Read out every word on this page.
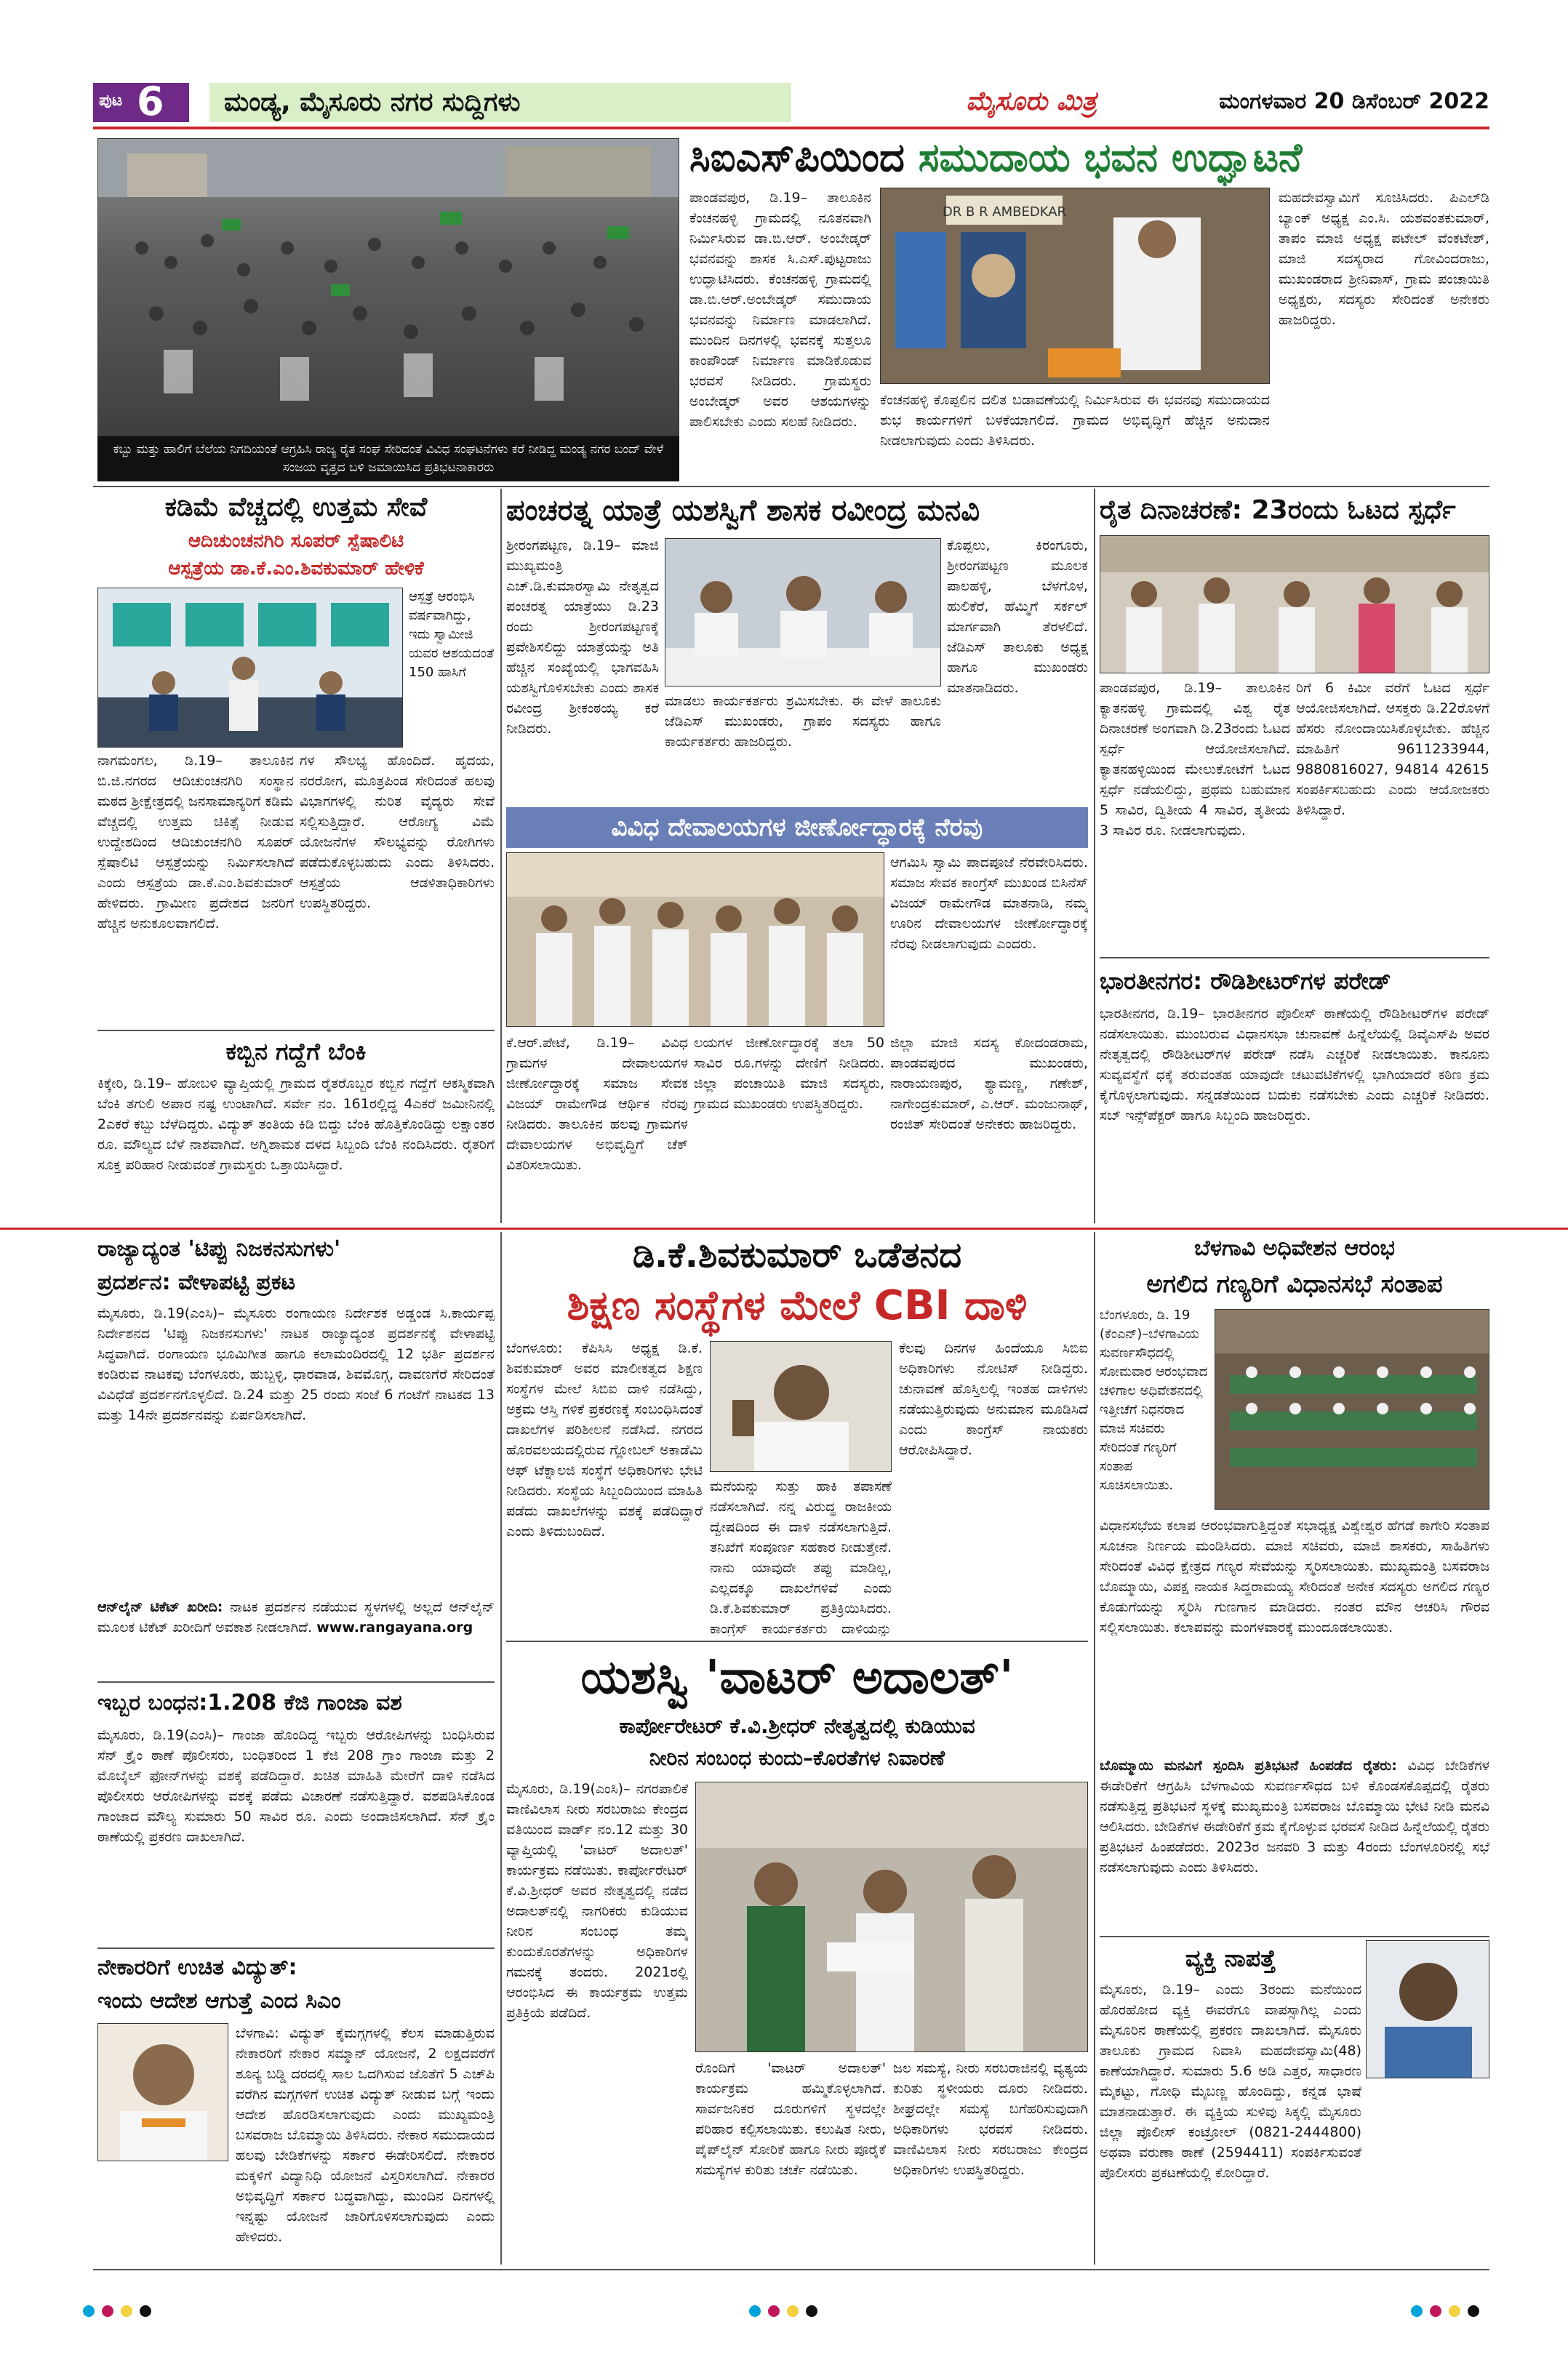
ಪುಟ 6	ಮಂಡ್ಯ, ಮೈಸೂರು ನಗರ ಸುದ್ದಿಗಳು	ಮೈಸೂರು ಮಿತ್ರ	ಮಂಗಳವಾರ 20 ಡಿಸೆಂಬರ್ 2022
ಕಬ್ಬು ಮತ್ತು ಹಾಲಿಗೆ ಬೆಲೆಯ ನಿಗದಿಯಂತೆ ಆಗ್ರಹಿಸಿ ರಾಜ್ಯ ರೈತ ಸಂಘ ಸೇರಿದಂತೆ ವಿವಿಧ ಸಂಘಟನೆಗಳು ಕರೆ ನೀಡಿದ್ದ ಮಂಡ್ಯ ನಗರ ಬಂದ್ ವೇಳೆ ಸಂಜಯ ವೃತ್ತದ ಬಳಿ ಜಮಾಯಿಸಿದ ಪ್ರತಿಭಟನಾಕಾರರು
ಸಿಐಎಸ್‌ಪಿಯಿಂದ ಸಮುದಾಯ ಭವನ ಉದ್ಘಾಟನೆ
ಪಾಂಡವಪುರ, ಡಿ.19– ತಾಲೂಕಿನ ಕೆಂಚನಹಳ್ಳಿ ಗ್ರಾಮದಲ್ಲಿ ನೂತನವಾಗಿ ನಿರ್ಮಿಸಿರುವ ಡಾ.ಬಿ.ಆರ್. ಅಂಬೇಡ್ಕರ್ ಭವನವನ್ನು ಶಾಸಕ ಸಿ.ಎಸ್.ಪುಟ್ಟರಾಜು ಉದ್ಘಾಟಿಸಿದರು. ಕೆಂಚನಹಳ್ಳಿ ಗ್ರಾಮದಲ್ಲಿ ಡಾ.ಬಿ.ಆರ್.ಅಂಬೇಡ್ಕರ್ ಸಮುದಾಯ ಭವನವನ್ನು ನಿರ್ಮಾಣ ಮಾಡಲಾಗಿದೆ. ಮುಂದಿನ ದಿನಗಳಲ್ಲಿ ಭವನಕ್ಕೆ ಸುತ್ತಲೂ ಕಾಂಪೌಂಡ್ ನಿರ್ಮಾಣ ಮಾಡಿಕೊಡುವ ಭರವಸೆ ನೀಡಿದರು. ಗ್ರಾಮಸ್ಥರು ಅಂಬೇಡ್ಕರ್ ಅವರ ಆಶಯಗಳನ್ನು ಪಾಲಿಸಬೇಕು ಎಂದು ಸಲಹೆ ನೀಡಿದರು.
DR B R AMBEDKAR
ಕೆಂಚನಹಳ್ಳಿ ಕೊಪ್ಪಲಿನ ದಲಿತ ಬಡಾವಣೆಯಲ್ಲಿ ನಿರ್ಮಿಸಿರುವ ಈ ಭವನವು ಸಮುದಾಯದ ಶುಭ ಕಾರ್ಯಗಳಿಗೆ ಬಳಕೆಯಾಗಲಿದೆ. ಗ್ರಾಮದ ಅಭಿವೃದ್ಧಿಗೆ ಹೆಚ್ಚಿನ ಅನುದಾನ ನೀಡಲಾಗುವುದು ಎಂದು ತಿಳಿಸಿದರು.
ಮಹದೇವಸ್ವಾಮಿಗೆ ಸೂಚಿಸಿದರು. ಪಿಎಲ್‌ಡಿ ಬ್ಯಾಂಕ್ ಅಧ್ಯಕ್ಷ ಎಂ.ಸಿ. ಯಶವಂತಕುಮಾರ್, ತಾಪಂ ಮಾಜಿ ಅಧ್ಯಕ್ಷ ಪಟೇಲ್ ವೆಂಕಟೇಶ್, ಮಾಜಿ ಸದಸ್ಯರಾದ ಗೋವಿಂದರಾಜು, ಮುಖಂಡರಾದ ಶ್ರೀನಿವಾಸ್, ಗ್ರಾಮ ಪಂಚಾಯಿತಿ ಅಧ್ಯಕ್ಷರು, ಸದಸ್ಯರು ಸೇರಿದಂತೆ ಅನೇಕರು ಹಾಜರಿದ್ದರು.
ಕಡಿಮೆ ವೆಚ್ಚದಲ್ಲಿ ಉತ್ತಮ ಸೇವೆ
ಆದಿಚುಂಚನಗಿರಿ ಸೂಪರ್ ಸ್ಪೆಷಾಲಿಟಿ
ಆಸ್ಪತ್ರೆಯ ಡಾ.ಕೆ.ಎಂ.ಶಿವಕುಮಾರ್ ಹೇಳಿಕೆ
ಆಸ್ಪತ್ರೆ ಆರಂಭಿಸಿ ವರ್ಷವಾಗಿದ್ದು, ಇದು ಸ್ವಾಮೀಜಿ ಯವರ ಆಶಯದಂತೆ 150 ಹಾಸಿಗೆ
ನಾಗಮಂಗಲ, ಡಿ.19– ತಾಲೂಕಿನ ಬಿ.ಜಿ.ನಗರದ ಆದಿಚುಂಚನಗಿರಿ ಸಂಸ್ಥಾನ ಮಠದ ಶ್ರೀಕ್ಷೇತ್ರದಲ್ಲಿ ಜನಸಾಮಾನ್ಯರಿಗೆ ಕಡಿಮೆ ವೆಚ್ಚದಲ್ಲಿ ಉತ್ತಮ ಚಿಕಿತ್ಸೆ ನೀಡುವ ಉದ್ದೇಶದಿಂದ ಆದಿಚುಂಚನಗಿರಿ ಸೂಪರ್ ಸ್ಪೆಷಾಲಿಟಿ ಆಸ್ಪತ್ರೆಯನ್ನು ನಿರ್ಮಿಸಲಾಗಿದೆ ಎಂದು ಆಸ್ಪತ್ರೆಯ ಡಾ.ಕೆ.ಎಂ.ಶಿವಕುಮಾರ್ ಹೇಳಿದರು. ಗ್ರಾಮೀಣ ಪ್ರದೇಶದ ಜನರಿಗೆ ಹೆಚ್ಚಿನ ಅನುಕೂಲವಾಗಲಿದೆ.
ಗಳ ಸೌಲಭ್ಯ ಹೊಂದಿದೆ. ಹೃದಯ, ನರರೋಗ, ಮೂತ್ರಪಿಂಡ ಸೇರಿದಂತೆ ಹಲವು ವಿಭಾಗಗಳಲ್ಲಿ ನುರಿತ ವೈದ್ಯರು ಸೇವೆ ಸಲ್ಲಿಸುತ್ತಿದ್ದಾರೆ. ಆರೋಗ್ಯ ವಿಮೆ ಯೋಜನೆಗಳ ಸೌಲಭ್ಯವನ್ನು ರೋಗಿಗಳು ಪಡೆದುಕೊಳ್ಳಬಹುದು ಎಂದು ತಿಳಿಸಿದರು. ಆಸ್ಪತ್ರೆಯ ಆಡಳಿತಾಧಿಕಾರಿಗಳು ಉಪಸ್ಥಿತರಿದ್ದರು.
ಪಂಚರತ್ನ ಯಾತ್ರೆ ಯಶಸ್ವಿಗೆ ಶಾಸಕ ರವೀಂದ್ರ ಮನವಿ
ಶ್ರೀರಂಗಪಟ್ಟಣ, ಡಿ.19– ಮಾಜಿ ಮುಖ್ಯಮಂತ್ರಿ ಎಚ್.ಡಿ.ಕುಮಾರಸ್ವಾಮಿ ನೇತೃತ್ವದ ಪಂಚರತ್ನ ಯಾತ್ರೆಯು ಡಿ.23 ರಂದು ಶ್ರೀರಂಗಪಟ್ಟಣಕ್ಕೆ ಪ್ರವೇಶಿಸಲಿದ್ದು ಯಾತ್ರೆಯನ್ನು ಅತಿ ಹೆಚ್ಚಿನ ಸಂಖ್ಯೆಯಲ್ಲಿ ಭಾಗವಹಿಸಿ ಯಶಸ್ವಿಗೊಳಿಸಬೇಕು ಎಂದು ಶಾಸಕ ರವೀಂದ್ರ ಶ್ರೀಕಂಠಯ್ಯ ಕರೆ ನೀಡಿದರು.
ಕೊಪ್ಪಲು, ಕಿರಂಗೂರು, ಶ್ರೀರಂಗಪಟ್ಟಣ ಮೂಲಕ ಪಾಲಹಳ್ಳಿ, ಬೆಳಗೊಳ, ಹುಲಿಕೆರೆ, ಹೆಮ್ಮಿಗೆ ಸರ್ಕಲ್ ಮಾರ್ಗವಾಗಿ ತೆರಳಲಿದೆ. ಜೆಡಿಎಸ್ ತಾಲೂಕು ಅಧ್ಯಕ್ಷ ಹಾಗೂ ಮುಖಂಡರು ಮಾತನಾಡಿದರು.
ಮಾಡಲು ಕಾರ್ಯಕರ್ತರು ಶ್ರಮಿಸಬೇಕು. ಈ ವೇಳೆ ತಾಲೂಕು ಜೆಡಿಎಸ್ ಮುಖಂಡರು, ಗ್ರಾಪಂ ಸದಸ್ಯರು ಹಾಗೂ ಕಾರ್ಯಕರ್ತರು ಹಾಜರಿದ್ದರು.
ವಿವಿಧ ದೇವಾಲಯಗಳ ಜೀರ್ಣೋದ್ಧಾರಕ್ಕೆ ನೆರವು
ಆಗಮಿಸಿ ಸ್ವಾಮಿ ಪಾದಪೂಜೆ ನೆರವೇರಿಸಿದರು. ಸಮಾಜ ಸೇವಕ ಕಾಂಗ್ರೆಸ್ ಮುಖಂಡ ಬಿಸಿನೆಸ್ ವಿಜಯ್ ರಾಮೇಗೌಡ ಮಾತನಾಡಿ, ನಮ್ಮ ಊರಿನ ದೇವಾಲಯಗಳ ಜೀರ್ಣೋದ್ಧಾರಕ್ಕೆ ನೆರವು ನೀಡಲಾಗುವುದು ಎಂದರು.
ಕೆ.ಆರ್.ಪೇಟೆ, ಡಿ.19– ವಿವಿಧ ಗ್ರಾಮಗಳ ದೇವಾಲಯಗಳ ಜೀರ್ಣೋದ್ಧಾರಕ್ಕೆ ಸಮಾಜ ಸೇವಕ ವಿಜಯ್ ರಾಮೇಗೌಡ ಆರ್ಥಿಕ ನೆರವು ನೀಡಿದರು. ತಾಲೂಕಿನ ಹಲವು ಗ್ರಾಮಗಳ ದೇವಾಲಯಗಳ ಅಭಿವೃದ್ಧಿಗೆ ಚೆಕ್ ವಿತರಿಸಲಾಯಿತು.
ಲಯಗಳ ಜೀರ್ಣೋದ್ಧಾರಕ್ಕೆ ತಲಾ 50 ಸಾವಿರ ರೂ.ಗಳನ್ನು ದೇಣಿಗೆ ನೀಡಿದರು. ಜಿಲ್ಲಾ ಪಂಚಾಯಿತಿ ಮಾಜಿ ಸದಸ್ಯರು, ಗ್ರಾಮದ ಮುಖಂಡರು ಉಪಸ್ಥಿತರಿದ್ದರು.
ಜಿಲ್ಲಾ ಮಾಜಿ ಸದಸ್ಯ ಕೋದಂಡರಾಮ, ಪಾಂಡವಪುರದ ಮುಖಂಡರು, ನಾರಾಯಣಪುರ, ಶ್ಯಾಮಣ್ಣ, ಗಣೇಶ್, ನಾಗೇಂದ್ರಕುಮಾರ್, ಎ.ಆರ್. ಮಂಜುನಾಥ್, ರಂಜಿತ್ ಸೇರಿದಂತೆ ಅನೇಕರು ಹಾಜರಿದ್ದರು.
ರೈತ ದಿನಾಚರಣೆ: 23ರಂದು ಓಟದ ಸ್ಪರ್ಧೆ
ಪಾಂಡವಪುರ, ಡಿ.19– ತಾಲೂಕಿನ ಕ್ಯಾತನಹಳ್ಳಿ ಗ್ರಾಮದಲ್ಲಿ ವಿಶ್ವ ರೈತ ದಿನಾಚರಣೆ ಅಂಗವಾಗಿ ಡಿ.23ರಂದು ಓಟದ ಸ್ಪರ್ಧೆ ಆಯೋಜಿಸಲಾಗಿದೆ. ಕ್ಯಾತನಹಳ್ಳಿಯಿಂದ ಮೇಲುಕೋಟೆಗೆ ಓಟದ ಸ್ಪರ್ಧೆ ನಡೆಯಲಿದ್ದು, ಪ್ರಥಮ ಬಹುಮಾನ 5 ಸಾವಿರ, ದ್ವಿತೀಯ 4 ಸಾವಿರ, ತೃತೀಯ 3 ಸಾವಿರ ರೂ. ನೀಡಲಾಗುವುದು.
ರಿಗೆ 6 ಕಿಮೀ ವರೆಗೆ ಓಟದ ಸ್ಪರ್ಧೆ ಆಯೋಜಿಸಲಾಗಿದೆ. ಆಸಕ್ತರು ಡಿ.22ರೊಳಗೆ ಹೆಸರು ನೋಂದಾಯಿಸಿಕೊಳ್ಳಬೇಕು. ಹೆಚ್ಚಿನ ಮಾಹಿತಿಗೆ 9611233944, 9880816027, 94814 42615 ಸಂಪರ್ಕಿಸಬಹುದು ಎಂದು ಆಯೋಜಕರು ತಿಳಿಸಿದ್ದಾರೆ.
ಭಾರತೀನಗರ: ರೌಡಿಶೀಟರ್‌ಗಳ ಪರೇಡ್
ಭಾರತೀನಗರ, ಡಿ.19– ಭಾರತೀನಗರ ಪೊಲೀಸ್ ಠಾಣೆಯಲ್ಲಿ ರೌಡಿಶೀಟರ್‌ಗಳ ಪರೇಡ್ ನಡೆಸಲಾಯಿತು. ಮುಂಬರುವ ವಿಧಾನಸಭಾ ಚುನಾವಣೆ ಹಿನ್ನೆಲೆಯಲ್ಲಿ ಡಿವೈಎಸ್‌ಪಿ ಅವರ ನೇತೃತ್ವದಲ್ಲಿ ರೌಡಿಶೀಟರ್‌ಗಳ ಪರೇಡ್ ನಡೆಸಿ ಎಚ್ಚರಿಕೆ ನೀಡಲಾಯಿತು. ಕಾನೂನು ಸುವ್ಯವಸ್ಥೆಗೆ ಧಕ್ಕೆ ತರುವಂತಹ ಯಾವುದೇ ಚಟುವಟಿಕೆಗಳಲ್ಲಿ ಭಾಗಿಯಾದರೆ ಕಠಿಣ ಕ್ರಮ ಕೈಗೊಳ್ಳಲಾಗುವುದು. ಸನ್ನಡತೆಯಿಂದ ಬದುಕು ನಡೆಸಬೇಕು ಎಂದು ಎಚ್ಚರಿಕೆ ನೀಡಿದರು. ಸಬ್ ಇನ್ಸ್‌ಪೆಕ್ಟರ್ ಹಾಗೂ ಸಿಬ್ಬಂದಿ ಹಾಜರಿದ್ದರು.
ಕಬ್ಬಿನ ಗದ್ದೆಗೆ ಬೆಂಕಿ
ಕಿಕ್ಕೇರಿ, ಡಿ.19– ಹೋಬಳಿ ವ್ಯಾಪ್ತಿಯಲ್ಲಿ ಗ್ರಾಮದ ರೈತರೊಬ್ಬರ ಕಬ್ಬಿನ ಗದ್ದೆಗೆ ಆಕಸ್ಮಿಕವಾಗಿ ಬೆಂಕಿ ತಗುಲಿ ಅಪಾರ ನಷ್ಟ ಉಂಟಾಗಿದೆ. ಸರ್ವೇ ನಂ. 161ರಲ್ಲಿದ್ದ 4ಎಕರೆ ಜಮೀನಿನಲ್ಲಿ 2ಎಕರೆ ಕಬ್ಬು ಬೆಳೆದಿದ್ದರು. ವಿದ್ಯುತ್ ತಂತಿಯ ಕಿಡಿ ಬಿದ್ದು ಬೆಂಕಿ ಹೊತ್ತಿಕೊಂಡಿದ್ದು ಲಕ್ಷಾಂತರ ರೂ. ಮೌಲ್ಯದ ಬೆಳೆ ನಾಶವಾಗಿದೆ. ಅಗ್ನಿಶಾಮಕ ದಳದ ಸಿಬ್ಬಂದಿ ಬೆಂಕಿ ನಂದಿಸಿದರು. ರೈತರಿಗೆ ಸೂಕ್ತ ಪರಿಹಾರ ನೀಡುವಂತೆ ಗ್ರಾಮಸ್ಥರು ಒತ್ತಾಯಿಸಿದ್ದಾರೆ.
ರಾಜ್ಯಾದ್ಯಂತ 'ಟಿಪ್ಪು ನಿಜಕನಸುಗಳು'
ಪ್ರದರ್ಶನ: ವೇಳಾಪಟ್ಟಿ ಪ್ರಕಟ
ಮೈಸೂರು, ಡಿ.19(ಎಂಸಿ)– ಮೈಸೂರು ರಂಗಾಯಣ ನಿರ್ದೇಶಕ ಅಡ್ಡಂಡ ಸಿ.ಕಾರ್ಯಪ್ಪ ನಿರ್ದೇಶನದ 'ಟಿಪ್ಪು ನಿಜಕನಸುಗಳು' ನಾಟಕ ರಾಜ್ಯಾದ್ಯಂತ ಪ್ರದರ್ಶನಕ್ಕೆ ವೇಳಾಪಟ್ಟಿ ಸಿದ್ಧವಾಗಿದೆ. ರಂಗಾಯಣ ಭೂಮಿಗೀತ ಹಾಗೂ ಕಲಾಮಂದಿರದಲ್ಲಿ 12 ಭರ್ತಿ ಪ್ರದರ್ಶನ ಕಂಡಿರುವ ನಾಟಕವು ಬೆಂಗಳೂರು, ಹುಬ್ಬಳ್ಳಿ, ಧಾರವಾಡ, ಶಿವಮೊಗ್ಗ, ದಾವಣಗೆರೆ ಸೇರಿದಂತೆ ವಿವಿಧೆಡೆ ಪ್ರದರ್ಶನಗೊಳ್ಳಲಿದೆ. ಡಿ.24 ಮತ್ತು 25 ರಂದು ಸಂಜೆ 6 ಗಂಟೆಗೆ ನಾಟಕದ 13 ಮತ್ತು 14ನೇ ಪ್ರದರ್ಶನವನ್ನು ಏರ್ಪಡಿಸಲಾಗಿದೆ.
ಆನ್‌ಲೈನ್ ಟಿಕೆಟ್ ಖರೀದಿ: ನಾಟಕ ಪ್ರದರ್ಶನ ನಡೆಯುವ ಸ್ಥಳಗಳಲ್ಲಿ ಅಲ್ಲದೆ ಆನ್‌ಲೈನ್ ಮೂಲಕ ಟಿಕೆಟ್ ಖರೀದಿಗೆ ಅವಕಾಶ ನೀಡಲಾಗಿದೆ. www.rangayana.org
ಇಬ್ಬರ ಬಂಧನ:1.208 ಕೆಜಿ ಗಾಂಜಾ ವಶ
ಮೈಸೂರು, ಡಿ.19(ಎಂಸಿ)– ಗಾಂಜಾ ಹೊಂದಿದ್ದ ಇಬ್ಬರು ಆರೋಪಿಗಳನ್ನು ಬಂಧಿಸಿರುವ ಸೆನ್ ಕ್ರೈಂ ಠಾಣೆ ಪೊಲೀಸರು, ಬಂಧಿತರಿಂದ 1 ಕೆಜಿ 208 ಗ್ರಾಂ ಗಾಂಜಾ ಮತ್ತು 2 ಮೊಬೈಲ್ ಫೋನ್‌ಗಳನ್ನು ವಶಕ್ಕೆ ಪಡೆದಿದ್ದಾರೆ. ಖಚಿತ ಮಾಹಿತಿ ಮೇರೆಗೆ ದಾಳಿ ನಡೆಸಿದ ಪೊಲೀಸರು ಆರೋಪಿಗಳನ್ನು ವಶಕ್ಕೆ ಪಡೆದು ವಿಚಾರಣೆ ನಡೆಸುತ್ತಿದ್ದಾರೆ. ವಶಪಡಿಸಿಕೊಂಡ ಗಾಂಜಾದ ಮೌಲ್ಯ ಸುಮಾರು 50 ಸಾವಿರ ರೂ. ಎಂದು ಅಂದಾಜಿಸಲಾಗಿದೆ. ಸೆನ್ ಕ್ರೈಂ ಠಾಣೆಯಲ್ಲಿ ಪ್ರಕರಣ ದಾಖಲಾಗಿದೆ.
ನೇಕಾರರಿಗೆ ಉಚಿತ ವಿದ್ಯುತ್:
ಇಂದು ಆದೇಶ ಆಗುತ್ತೆ ಎಂದ ಸಿಎಂ
ಬೆಳಗಾವಿ: ವಿದ್ಯುತ್ ಕೈಮಗ್ಗಗಳಲ್ಲಿ ಕೆಲಸ ಮಾಡುತ್ತಿರುವ ನೇಕಾರರಿಗೆ ನೇಕಾರ ಸಮ್ಮಾನ್ ಯೋಜನೆ, 2 ಲಕ್ಷದವರೆಗೆ ಶೂನ್ಯ ಬಡ್ಡಿ ದರದಲ್ಲಿ ಸಾಲ ಒದಗಿಸುವ ಜೊತೆಗೆ 5 ಎಚ್‌ಪಿ ವರೆಗಿನ ಮಗ್ಗಗಳಿಗೆ ಉಚಿತ ವಿದ್ಯುತ್ ನೀಡುವ ಬಗ್ಗೆ ಇಂದು ಆದೇಶ ಹೊರಡಿಸಲಾಗುವುದು ಎಂದು ಮುಖ್ಯಮಂತ್ರಿ ಬಸವರಾಜ ಬೊಮ್ಮಾಯಿ ತಿಳಿಸಿದರು. ನೇಕಾರ ಸಮುದಾಯದ ಹಲವು ಬೇಡಿಕೆಗಳನ್ನು ಸರ್ಕಾರ ಈಡೇರಿಸಲಿದೆ. ನೇಕಾರರ ಮಕ್ಕಳಿಗೆ ವಿದ್ಯಾನಿಧಿ ಯೋಜನೆ ವಿಸ್ತರಿಸಲಾಗಿದೆ. ನೇಕಾರರ ಅಭಿವೃದ್ಧಿಗೆ ಸರ್ಕಾರ ಬದ್ಧವಾಗಿದ್ದು, ಮುಂದಿನ ದಿನಗಳಲ್ಲಿ ಇನ್ನಷ್ಟು ಯೋಜನೆ ಜಾರಿಗೊಳಿಸಲಾಗುವುದು ಎಂದು ಹೇಳಿದರು.
ಡಿ.ಕೆ.ಶಿವಕುಮಾರ್ ಒಡೆತನದ
ಶಿಕ್ಷಣ ಸಂಸ್ಥೆಗಳ ಮೇಲೆ CBI ದಾಳಿ
ಬೆಂಗಳೂರು: ಕೆಪಿಸಿಸಿ ಅಧ್ಯಕ್ಷ ಡಿ.ಕೆ. ಶಿವಕುಮಾರ್ ಅವರ ಮಾಲೀಕತ್ವದ ಶಿಕ್ಷಣ ಸಂಸ್ಥೆಗಳ ಮೇಲೆ ಸಿಬಿಐ ದಾಳಿ ನಡೆಸಿದ್ದು, ಅಕ್ರಮ ಆಸ್ತಿ ಗಳಿಕೆ ಪ್ರಕರಣಕ್ಕೆ ಸಂಬಂಧಿಸಿದಂತೆ ದಾಖಲೆಗಳ ಪರಿಶೀಲನೆ ನಡೆಸಿದೆ. ನಗರದ ಹೊರವಲಯದಲ್ಲಿರುವ ಗ್ಲೋಬಲ್ ಅಕಾಡೆಮಿ ಆಫ್ ಟೆಕ್ನಾಲಜಿ ಸಂಸ್ಥೆಗೆ ಅಧಿಕಾರಿಗಳು ಭೇಟಿ ನೀಡಿದರು. ಸಂಸ್ಥೆಯ ಸಿಬ್ಬಂದಿಯಿಂದ ಮಾಹಿತಿ ಪಡೆದು ದಾಖಲೆಗಳನ್ನು ವಶಕ್ಕೆ ಪಡೆದಿದ್ದಾರೆ ಎಂದು ತಿಳಿದುಬಂದಿದೆ.
ಮನೆಯನ್ನು ಸುತ್ತು ಹಾಕಿ ತಪಾಸಣೆ ನಡೆಸಲಾಗಿದೆ. ನನ್ನ ವಿರುದ್ಧ ರಾಜಕೀಯ ದ್ವೇಷದಿಂದ ಈ ದಾಳಿ ನಡೆಸಲಾಗುತ್ತಿದೆ. ತನಿಖೆಗೆ ಸಂಪೂರ್ಣ ಸಹಕಾರ ನೀಡುತ್ತೇನೆ. ನಾನು ಯಾವುದೇ ತಪ್ಪು ಮಾಡಿಲ್ಲ, ಎಲ್ಲದಕ್ಕೂ ದಾಖಲೆಗಳಿವೆ ಎಂದು ಡಿ.ಕೆ.ಶಿವಕುಮಾರ್ ಪ್ರತಿಕ್ರಿಯಿಸಿದರು. ಕಾಂಗ್ರೆಸ್ ಕಾರ್ಯಕರ್ತರು ದಾಳಿಯನ್ನು
ಕೆಲವು ದಿನಗಳ ಹಿಂದೆಯೂ ಸಿಬಿಐ ಅಧಿಕಾರಿಗಳು ನೋಟಿಸ್ ನೀಡಿದ್ದರು. ಚುನಾವಣೆ ಹೊಸ್ತಿಲಲ್ಲಿ ಇಂತಹ ದಾಳಿಗಳು ನಡೆಯುತ್ತಿರುವುದು ಅನುಮಾನ ಮೂಡಿಸಿದೆ ಎಂದು ಕಾಂಗ್ರೆಸ್ ನಾಯಕರು ಆರೋಪಿಸಿದ್ದಾರೆ.
ಯಶಸ್ವಿ 'ವಾಟರ್ ಅದಾಲತ್'
ಕಾರ್ಪೋರೇಟರ್ ಕೆ.ವಿ.ಶ್ರೀಧರ್ ನೇತೃತ್ವದಲ್ಲಿ ಕುಡಿಯುವ
ನೀರಿನ ಸಂಬಂಧ ಕುಂದು–ಕೊರತೆಗಳ ನಿವಾರಣೆ
ಮೈಸೂರು, ಡಿ.19(ಎಂಸಿ)– ನಗರಪಾಲಿಕೆ ವಾಣಿವಿಲಾಸ ನೀರು ಸರಬರಾಜು ಕೇಂದ್ರದ ವತಿಯಿಂದ ವಾರ್ಡ್ ನಂ.12 ಮತ್ತು 30 ವ್ಯಾಪ್ತಿಯಲ್ಲಿ 'ವಾಟರ್ ಅದಾಲತ್' ಕಾರ್ಯಕ್ರಮ ನಡೆಯಿತು. ಕಾರ್ಪೋರೇಟರ್ ಕೆ.ವಿ.ಶ್ರೀಧರ್ ಅವರ ನೇತೃತ್ವದಲ್ಲಿ ನಡೆದ ಅದಾಲತ್‌ನಲ್ಲಿ ನಾಗರಿಕರು ಕುಡಿಯುವ ನೀರಿನ ಸಂಬಂಧ ತಮ್ಮ ಕುಂದುಕೊರತೆಗಳನ್ನು ಅಧಿಕಾರಿಗಳ ಗಮನಕ್ಕೆ ತಂದರು. 2021ರಲ್ಲಿ ಆರಂಭಿಸಿದ ಈ ಕಾರ್ಯಕ್ರಮ ಉತ್ತಮ ಪ್ರತಿಕ್ರಿಯೆ ಪಡೆದಿದೆ.
ರೊಂದಿಗೆ 'ವಾಟರ್ ಅದಾಲತ್' ಕಾರ್ಯಕ್ರಮ ಹಮ್ಮಿಕೊಳ್ಳಲಾಗಿದೆ. ಸಾರ್ವಜನಿಕರ ದೂರುಗಳಿಗೆ ಸ್ಥಳದಲ್ಲೇ ಪರಿಹಾರ ಕಲ್ಪಿಸಲಾಯಿತು. ಕಲುಷಿತ ನೀರು, ಪೈಪ್‌ಲೈನ್ ಸೋರಿಕೆ ಹಾಗೂ ನೀರು ಪೂರೈಕೆ ಸಮಸ್ಯೆಗಳ ಕುರಿತು ಚರ್ಚೆ ನಡೆಯಿತು.
ಜಲ ಸಮಸ್ಯೆ, ನೀರು ಸರಬರಾಜಿನಲ್ಲಿ ವ್ಯತ್ಯಯ ಕುರಿತು ಸ್ಥಳೀಯರು ದೂರು ನೀಡಿದರು. ಶೀಘ್ರದಲ್ಲೇ ಸಮಸ್ಯೆ ಬಗೆಹರಿಸುವುದಾಗಿ ಅಧಿಕಾರಿಗಳು ಭರವಸೆ ನೀಡಿದರು. ವಾಣಿವಿಲಾಸ ನೀರು ಸರಬರಾಜು ಕೇಂದ್ರದ ಅಧಿಕಾರಿಗಳು ಉಪಸ್ಥಿತರಿದ್ದರು.
ಬೆಳಗಾವಿ ಅಧಿವೇಶನ ಆರಂಭ
ಅಗಲಿದ ಗಣ್ಯರಿಗೆ ವಿಧಾನಸಭೆ ಸಂತಾಪ
ಬೆಂಗಳೂರು, ಡಿ. 19 (ಕೆಂಎನ್)–ಬೆಳಗಾವಿಯ ಸುವರ್ಣಸೌಧದಲ್ಲಿ ಸೋಮವಾರ ಆರಂಭವಾದ ಚಳಿಗಾಲ ಅಧಿವೇಶನದಲ್ಲಿ ಇತ್ತೀಚೆಗೆ ನಿಧನರಾದ ಮಾಜಿ ಸಚಿವರು ಸೇರಿದಂತೆ ಗಣ್ಯರಿಗೆ ಸಂತಾಪ ಸೂಚಿಸಲಾಯಿತು.
ವಿಧಾನಸಭೆಯ ಕಲಾಪ ಆರಂಭವಾಗುತ್ತಿದ್ದಂತೆ ಸಭಾಧ್ಯಕ್ಷ ವಿಶ್ವೇಶ್ವರ ಹೆಗಡೆ ಕಾಗೇರಿ ಸಂತಾಪ ಸೂಚನಾ ನಿರ್ಣಯ ಮಂಡಿಸಿದರು. ಮಾಜಿ ಸಚಿವರು, ಮಾಜಿ ಶಾಸಕರು, ಸಾಹಿತಿಗಳು ಸೇರಿದಂತೆ ವಿವಿಧ ಕ್ಷೇತ್ರದ ಗಣ್ಯರ ಸೇವೆಯನ್ನು ಸ್ಮರಿಸಲಾಯಿತು. ಮುಖ್ಯಮಂತ್ರಿ ಬಸವರಾಜ ಬೊಮ್ಮಾಯಿ, ವಿಪಕ್ಷ ನಾಯಕ ಸಿದ್ದರಾಮಯ್ಯ ಸೇರಿದಂತೆ ಅನೇಕ ಸದಸ್ಯರು ಅಗಲಿದ ಗಣ್ಯರ ಕೊಡುಗೆಯನ್ನು ಸ್ಮರಿಸಿ ಗುಣಗಾನ ಮಾಡಿದರು. ನಂತರ ಮೌನ ಆಚರಿಸಿ ಗೌರವ ಸಲ್ಲಿಸಲಾಯಿತು. ಕಲಾಪವನ್ನು ಮಂಗಳವಾರಕ್ಕೆ ಮುಂದೂಡಲಾಯಿತು.
ಬೊಮ್ಮಾಯಿ ಮನವಿಗೆ ಸ್ಪಂದಿಸಿ ಪ್ರತಿಭಟನೆ ಹಿಂಪಡೆದ ರೈತರು: ವಿವಿಧ ಬೇಡಿಕೆಗಳ ಈಡೇರಿಕೆಗೆ ಆಗ್ರಹಿಸಿ ಬೆಳಗಾವಿಯ ಸುವರ್ಣಸೌಧದ ಬಳಿ ಕೊಂಡಸಕೊಪ್ಪದಲ್ಲಿ ರೈತರು ನಡೆಸುತ್ತಿದ್ದ ಪ್ರತಿಭಟನೆ ಸ್ಥಳಕ್ಕೆ ಮುಖ್ಯಮಂತ್ರಿ ಬಸವರಾಜ ಬೊಮ್ಮಾಯಿ ಭೇಟಿ ನೀಡಿ ಮನವಿ ಆಲಿಸಿದರು. ಬೇಡಿಕೆಗಳ ಈಡೇರಿಕೆಗೆ ಕ್ರಮ ಕೈಗೊಳ್ಳುವ ಭರವಸೆ ನೀಡಿದ ಹಿನ್ನೆಲೆಯಲ್ಲಿ ರೈತರು ಪ್ರತಿಭಟನೆ ಹಿಂಪಡೆದರು. 2023ರ ಜನವರಿ 3 ಮತ್ತು 4ರಂದು ಬೆಂಗಳೂರಿನಲ್ಲಿ ಸಭೆ ನಡೆಸಲಾಗುವುದು ಎಂದು ತಿಳಿಸಿದರು.
ವ್ಯಕ್ತಿ ನಾಪತ್ತೆ
ಮೈಸೂರು, ಡಿ.19– ಎಂದು 3ರಂದು ಮನೆಯಿಂದ ಹೊರಹೋದ ವ್ಯಕ್ತಿ ಈವರೆಗೂ ವಾಪಸ್ಸಾಗಿಲ್ಲ ಎಂದು ಮೈಸೂರಿನ ಠಾಣೆಯಲ್ಲಿ ಪ್ರಕರಣ ದಾಖಲಾಗಿದೆ. ಮೈಸೂರು ತಾಲೂಕು ಗ್ರಾಮದ ನಿವಾಸಿ ಮಹದೇವಸ್ವಾಮಿ(48) ಕಾಣೆಯಾಗಿದ್ದಾರೆ. ಸುಮಾರು 5.6 ಅಡಿ ಎತ್ತರ, ಸಾಧಾರಣ ಮೈಕಟ್ಟು, ಗೋಧಿ ಮೈಬಣ್ಣ ಹೊಂದಿದ್ದು, ಕನ್ನಡ ಭಾಷೆ ಮಾತನಾಡುತ್ತಾರೆ. ಈ ವ್ಯಕ್ತಿಯ ಸುಳಿವು ಸಿಕ್ಕಲ್ಲಿ ಮೈಸೂರು ಜಿಲ್ಲಾ ಪೊಲೀಸ್ ಕಂಟ್ರೋಲ್ (0821-2444800) ಅಥವಾ ವರುಣಾ ಠಾಣೆ (2594411) ಸಂಪರ್ಕಿಸುವಂತೆ ಪೊಲೀಸರು ಪ್ರಕಟಣೆಯಲ್ಲಿ ಕೋರಿದ್ದಾರೆ.
